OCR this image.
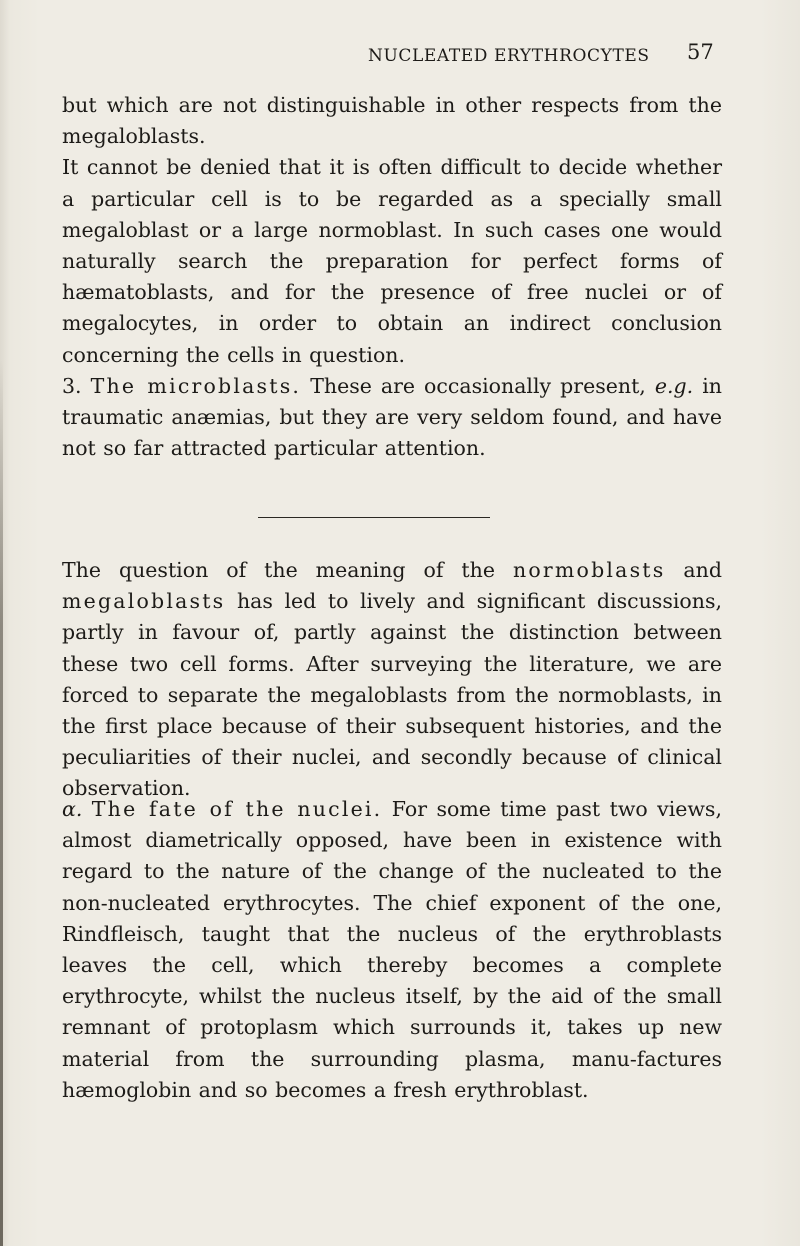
NUCLEATED ERYTHROCYTES 57

but which are not distinguishable in other respects from the megaloblasts.

It cannot be denied that it is often difficult to decide whether a particular cell is to be regarded as a specially small megaloblast or a large normoblast. In such cases one would naturally search the preparation for perfect forms of hæmatoblasts, and for the presence of free nuclei or of megalocytes, in order to obtain an indirect conclusion concerning the cells in question.

3. The microblasts. These are occasionally present, e.g. in traumatic anæmias, but they are very seldom found, and have not so far attracted particular attention.

The question of the meaning of the normoblasts and megaloblasts has led to lively and significant discussions, partly in favour of, partly against the distinction between these two cell forms. After surveying the literature, we are forced to separate the megaloblasts from the normoblasts, in the first place because of their subsequent histories, and the peculiarities of their nuclei, and secondly because of clinical observation.

α. The fate of the nuclei. For some time past two views, almost diametrically opposed, have been in existence with regard to the nature of the change of the nucleated to the non-nucleated erythrocytes. The chief exponent of the one, Rindfleisch, taught that the nucleus of the erythroblasts leaves the cell, which thereby becomes a complete erythrocyte, whilst the nucleus itself, by the aid of the small remnant of protoplasm which surrounds it, takes up new material from the surrounding plasma, manu-factures hæmoglobin and so becomes a fresh erythroblast.
